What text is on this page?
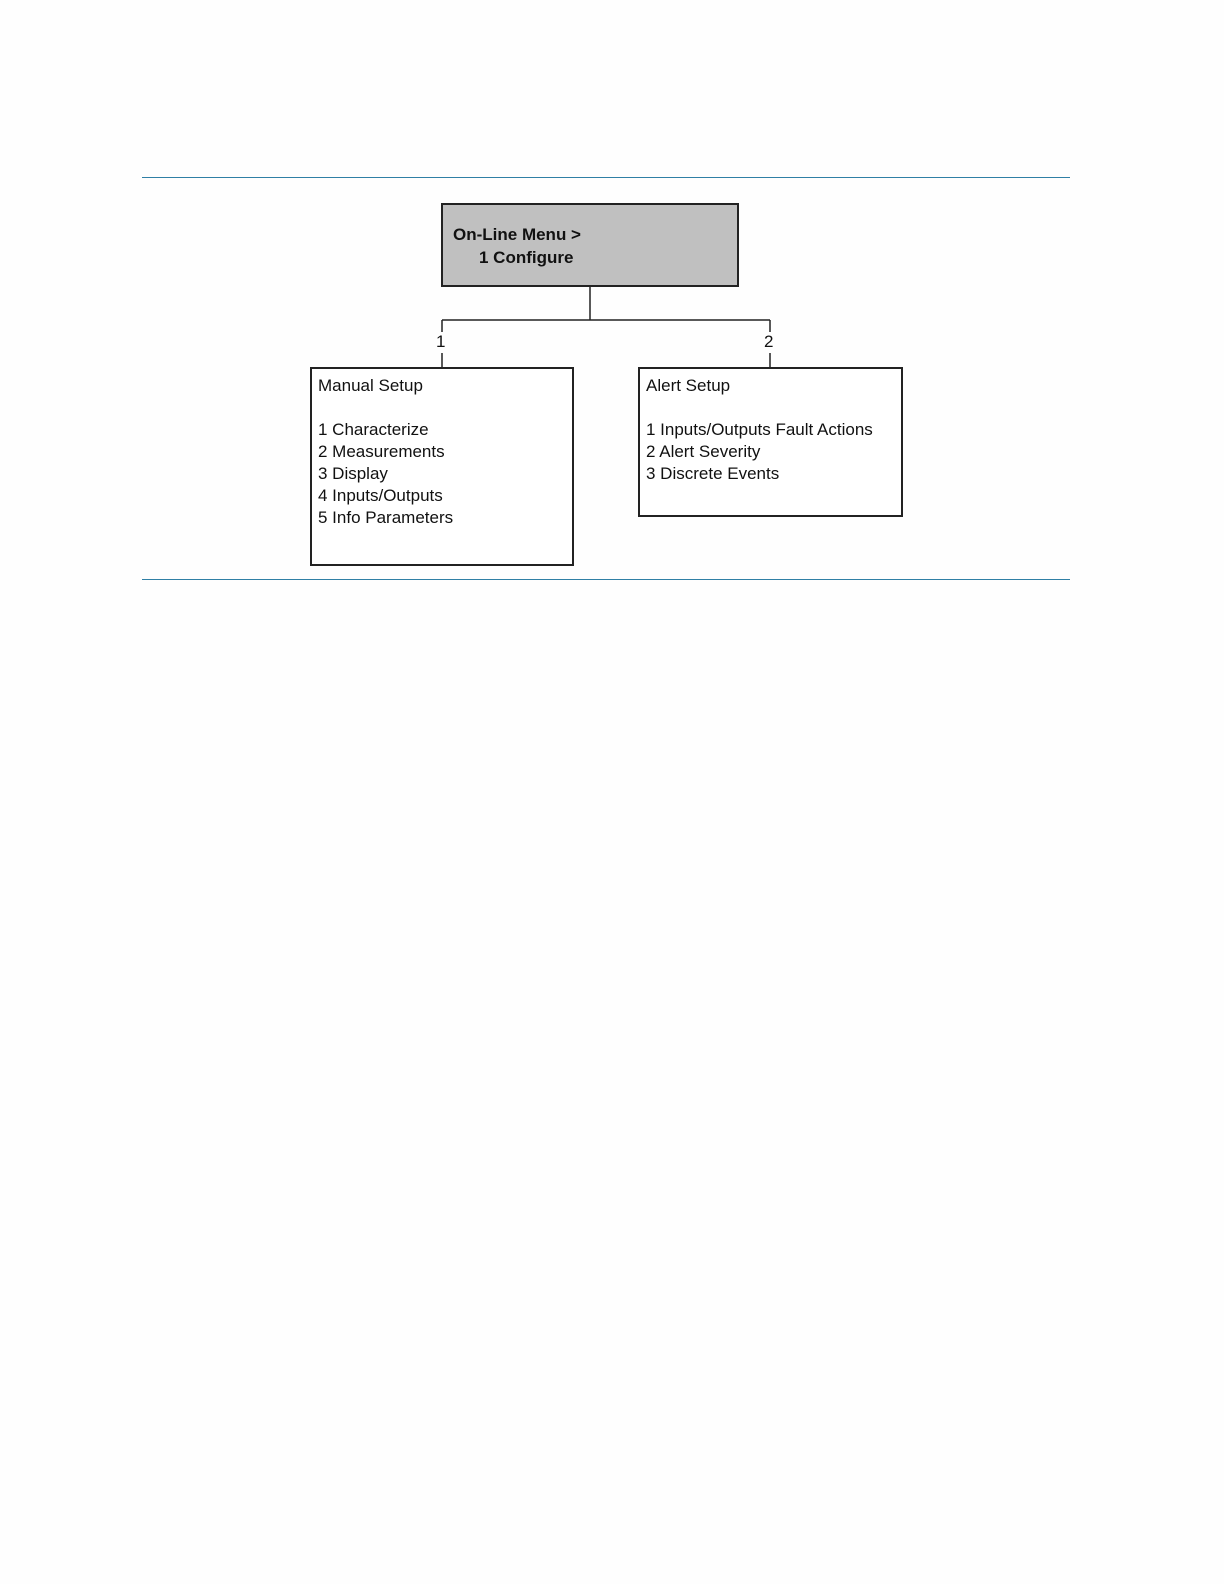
On-Line Menu >
1 Configure
1	2
Manual Setup
1 Characterize
2 Measurements
3 Display
4 Inputs/Outputs
5 Info Parameters
Alert Setup
1 Inputs/Outputs Fault Actions
2 Alert Severity
3 Discrete Events
